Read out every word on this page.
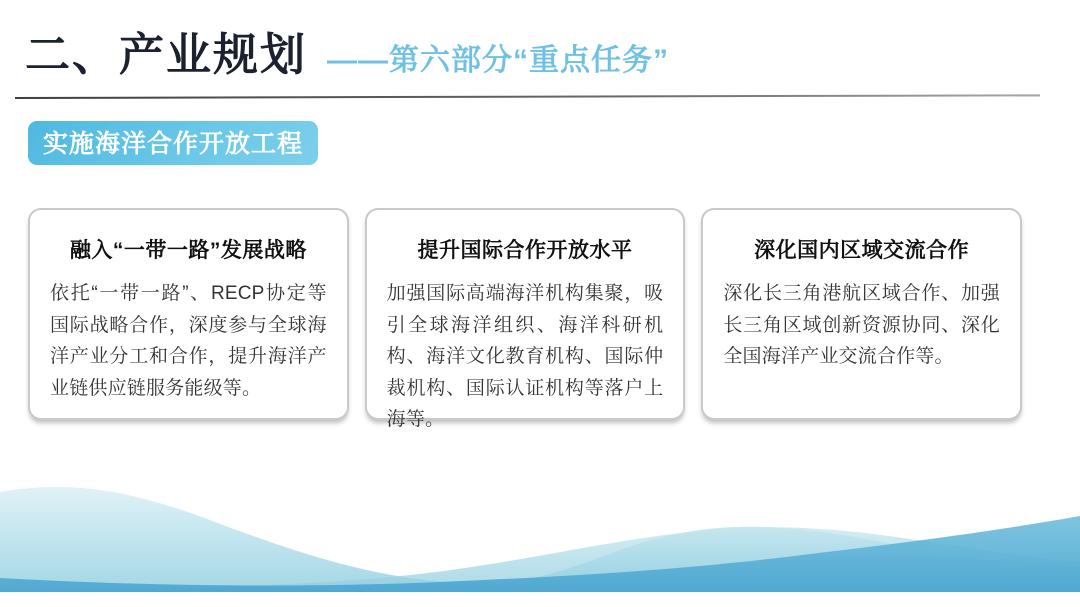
二、产业规划 ——第六部分“重点任务”
实施海洋合作开放工程
融入“一带一路”发展战略

依托“一带一路”、RECP协定等国际战略合作，深度参与全球海洋产业分工和合作，提升海洋产业链供应链服务能级等。

提升国际合作开放水平

加强国际高端海洋机构集聚，吸引全球海洋组织、海洋科研机构、海洋文化教育机构、国际仲裁机构、国际认证机构等落户上海等。

深化国内区域交流合作

深化长三角港航区域合作、加强长三角区域创新资源协同、深化全国海洋产业交流合作等。
